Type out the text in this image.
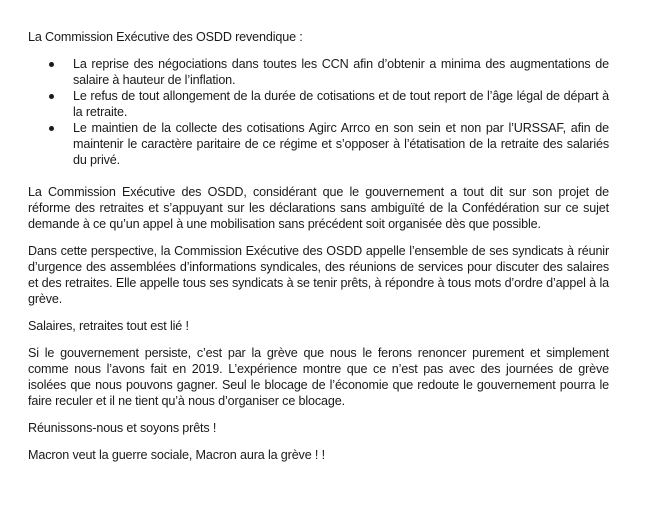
La Commission Exécutive des OSDD revendique :

La reprise des négociations dans toutes les CCN afin d’obtenir a minima des augmentations de salaire à hauteur de l’inflation.
Le refus de tout allongement de la durée de cotisations et de tout report de l’âge légal de départ à la retraite.
Le maintien de la collecte des cotisations Agirc Arrco en son sein et non par l’URSSAF, afin de maintenir le caractère paritaire de ce régime et s’opposer à l’étatisation de la retraite des salariés du privé.

La Commission Exécutive des OSDD, considérant que le gouvernement a tout dit sur son projet de réforme des retraites et s’appuyant sur les déclarations sans ambiguïté de la Confédération sur ce sujet demande à ce qu’un appel à une mobilisation sans précédent soit organisée dès que possible.

Dans cette perspective, la Commission Exécutive des OSDD appelle l’ensemble de ses syndicats à réunir d’urgence des assemblées d’informations syndicales, des réunions de services pour discuter des salaires et des retraites. Elle appelle tous ses syndicats à se tenir prêts, à répondre à tous mots d’ordre d’appel à la grève.

Salaires, retraites tout est lié !

Si le gouvernement persiste, c’est par la grève que nous le ferons renoncer purement et simplement comme nous l’avons fait en 2019. L’expérience montre que ce n’est pas avec des journées de grève isolées que nous pouvons gagner. Seul le blocage de l’économie que redoute le gouvernement pourra le faire reculer et il ne tient qu’à nous d’organiser ce blocage.

Réunissons-nous et soyons prêts !

Macron veut la guerre sociale, Macron aura la grève ! !
